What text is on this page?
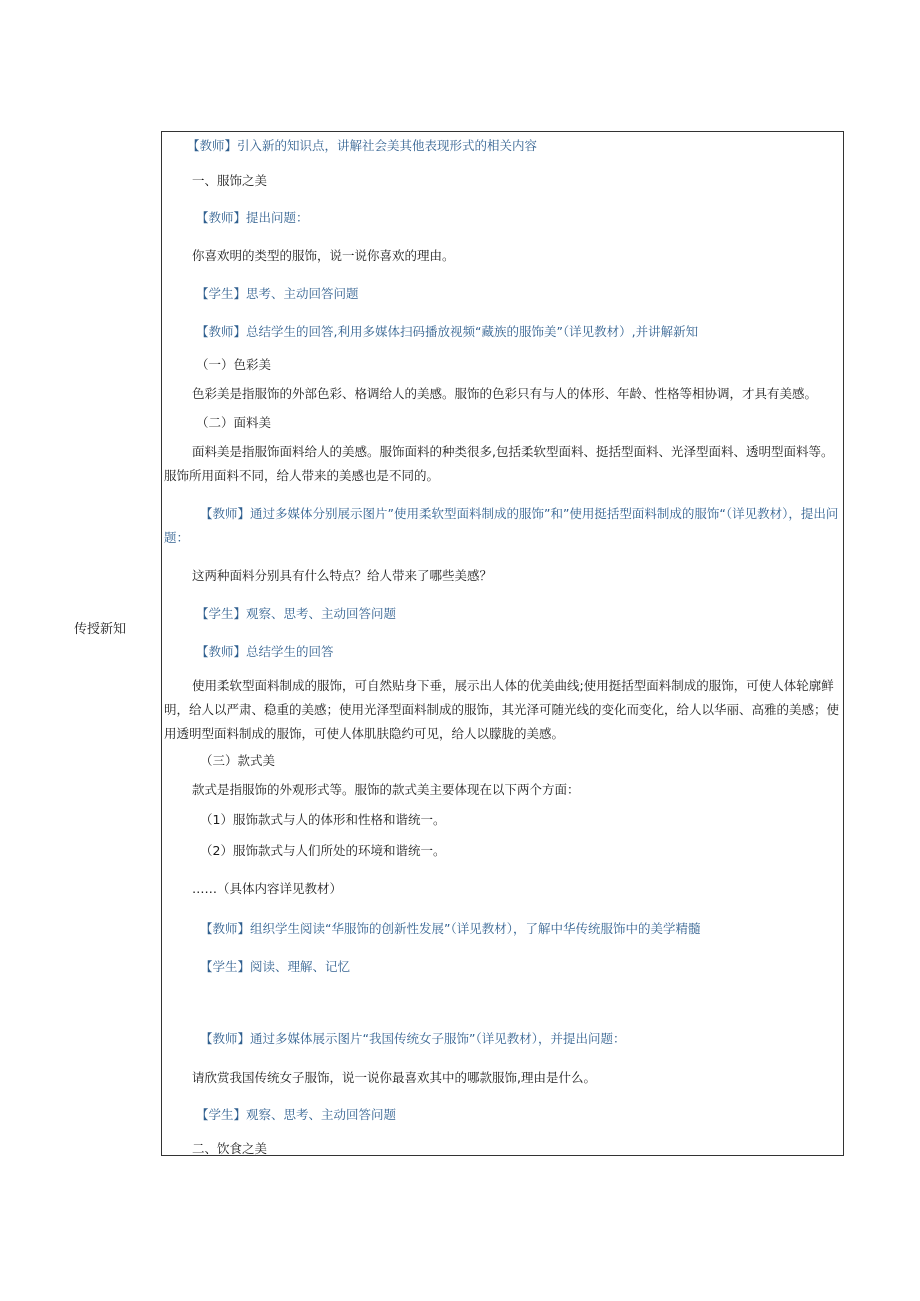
传授新知
【教师】引入新的知识点，讲解社会美其他表现形式的相关内容
一、服饰之美
【教师】提出问题：
你喜欢明的类型的服饰，说一说你喜欢的理由。
【学生】思考、主动回答问题
【教师】总结学生的回答,利用多媒体扫码播放视频“藏族的服饰美”（详见教材）,并讲解新知
（一）色彩美
色彩美是指服饰的外部色彩、格调给人的美感。服饰的色彩只有与人的体形、年龄、性格等相协调，才具有美感。
（二）面料美
面料美是指服饰面料给人的美感。服饰面料的种类很多,包括柔软型面料、挺括型面料、光泽型面料、透明型面料等。服饰所用面料不同，给人带来的美感也是不同的。
【教师】通过多媒体分别展示图片”使用柔软型面料制成的服饰”和”使用挺括型面料制成的服饰“（详见教材），提出问题：
这两种面料分别具有什么特点？给人带来了哪些美感？
【学生】观察、思考、主动回答问题
【教师】总结学生的回答
使用柔软型面料制成的服饰，可自然贴身下垂，展示出人体的优美曲线;使用挺括型面料制成的服饰，可使人体轮廓鲜明，给人以严肃、稳重的美感；使用光泽型面料制成的服饰，其光泽可随光线的变化而变化，给人以华丽、高雅的美感；使用透明型面料制成的服饰，可使人体肌肤隐约可见，给人以朦胧的美感。
（三）款式美
款式是指服饰的外观形式等。服饰的款式美主要体现在以下两个方面：
（1）服饰款式与人的体形和性格和谐统一。
（2）服饰款式与人们所处的环境和谐统一。
……（具体内容详见教材）
【教师】组织学生阅读“华服饰的创新性发展”（详见教材），了解中华传统服饰中的美学精髓
【学生】阅读、理解、记忆
【教师】通过多媒体展示图片“我国传统女子服饰”（详见教材），并提出问题：
请欣赏我国传统女子服饰，说一说你最喜欢其中的哪款服饰,理由是什么。
【学生】观察、思考、主动回答问题
二、饮食之美
